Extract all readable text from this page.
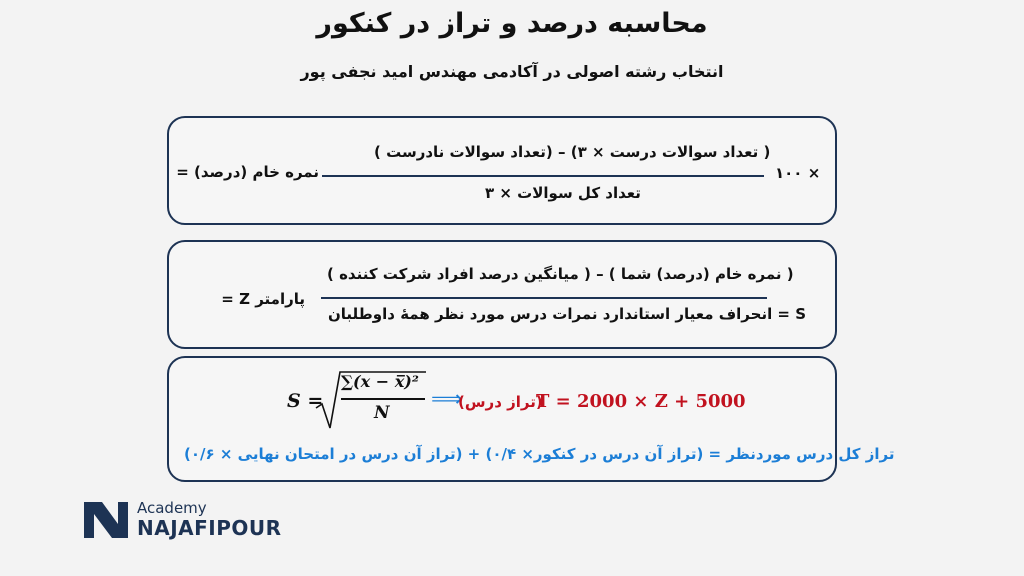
محاسبه درصد و تراز در کنکور
انتخاب رشته اصولی در آکادمی مهندس امید نجفی پور
نمره خام (درصد) =
( تعداد سوالات درست × ۳) – (تعداد سوالات نادرست )
تعداد کل سوالات × ۳
× ۱۰۰
پارامتر Z =
( نمره خام (درصد) شما ) – ( میانگین درصد افراد شرکت کننده )
S = انحراف معیار استاندارد نمرات درس مورد نظر همهٔ داوطلبان
S =
∑(x − x̅)²
N
⟹
(تراز درس)
T = 2000 × Z + 5000
تراز کل درس موردنظر = (تراز آن درس در کنکور× ۰/۴) + (تراز آن درس در امتحان نهایی × ۰/۶)
Academy
NAJAFIPOUR
